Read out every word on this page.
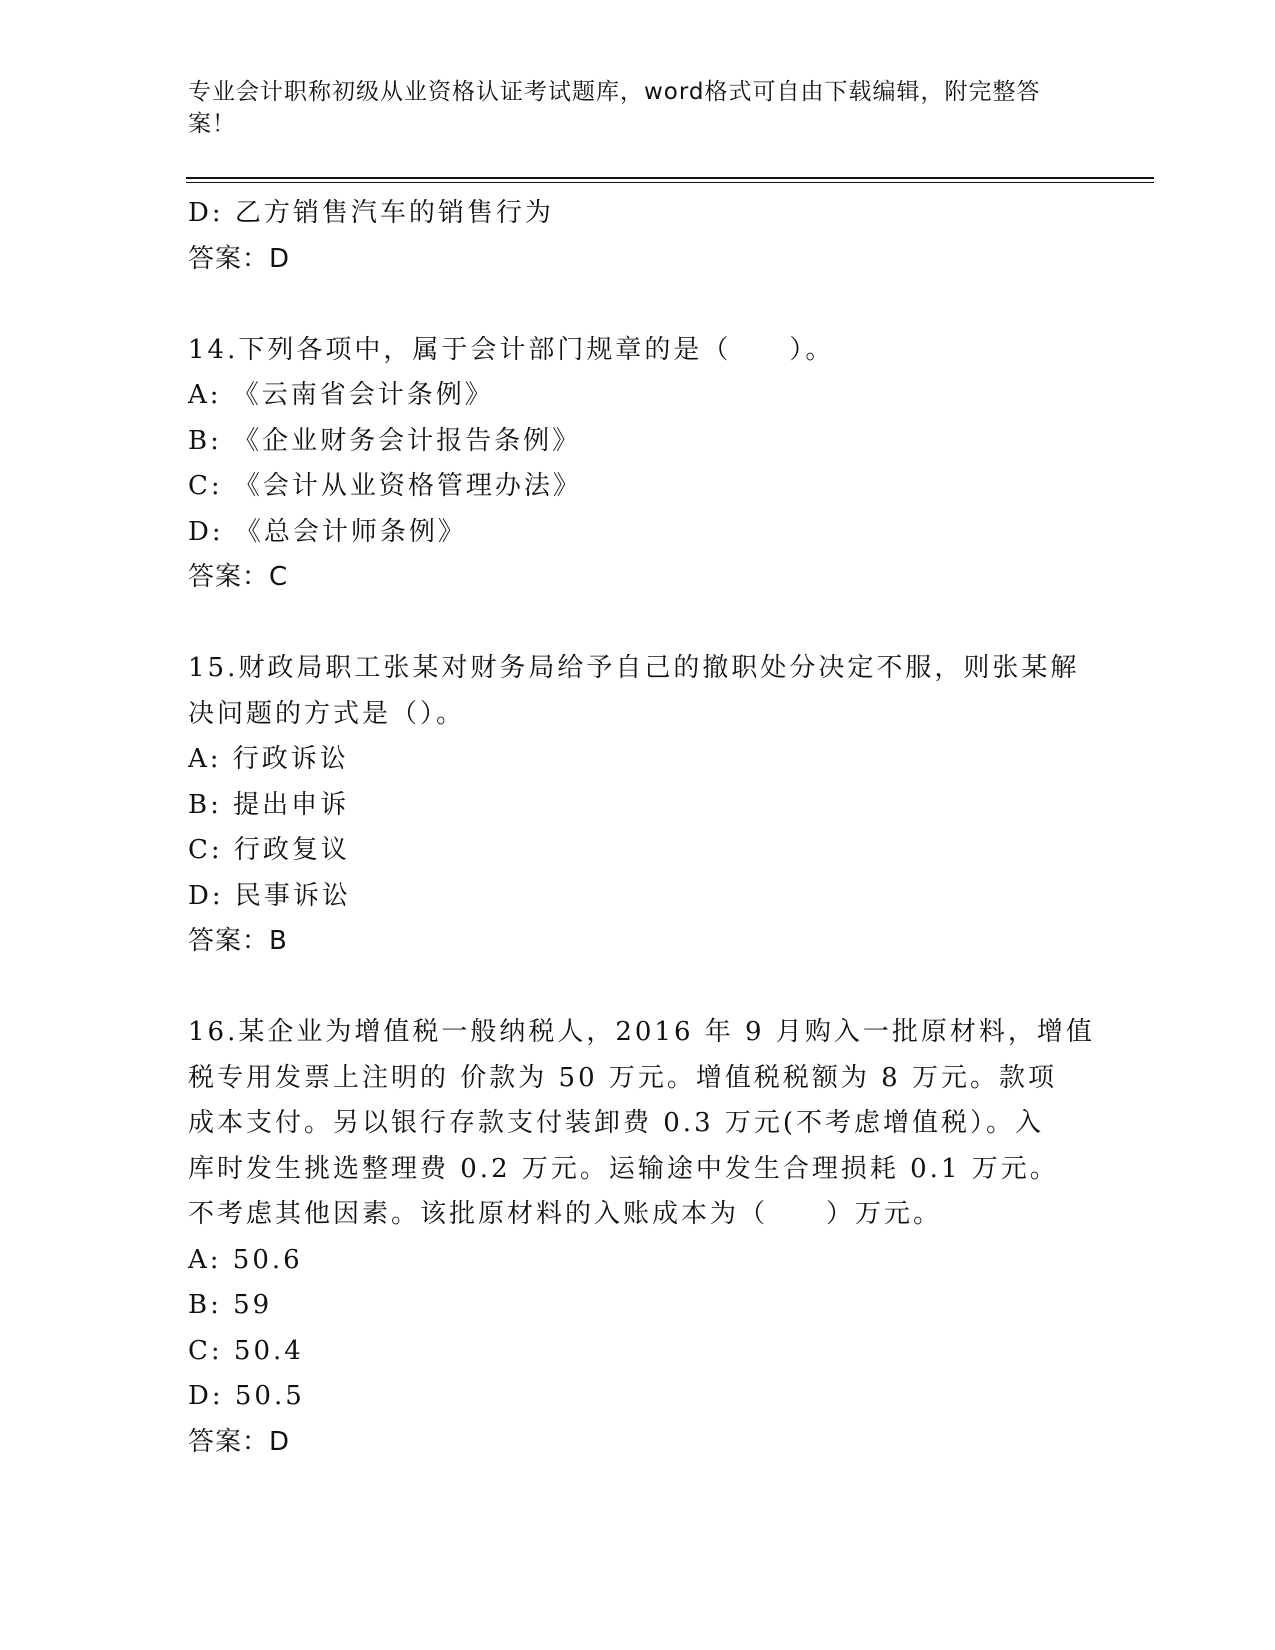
专业会计职称初级从业资格认证考试题库，word格式可自由下载编辑，附完整答案！
D: 乙方销售汽车的销售行为
答案：D
14.下列各项中，属于会计部门规章的是（　　）。
A: 《云南省会计条例》
B: 《企业财务会计报告条例》
C: 《会计从业资格管理办法》
D: 《总会计师条例》
答案：C
15.财政局职工张某对财务局给予自己的撤职处分决定不服，则张某解
决问题的方式是（）。
A: 行政诉讼
B: 提出申诉
C: 行政复议
D: 民事诉讼
答案：B
16.某企业为增值税一般纳税人，2016 年 9 月购入一批原材料，增值
税专用发票上注明的 价款为 50 万元。增值税税额为 8 万元。款项
成本支付。另以银行存款支付装卸费 0.3 万元(不考虑增值税）。入
库时发生挑选整理费 0.2 万元。运输途中发生合理损耗 0.1 万元。
不考虑其他因素。该批原材料的入账成本为（　　）万元。
A: 50.6
B: 59
C: 50.4
D: 50.5
答案：D
